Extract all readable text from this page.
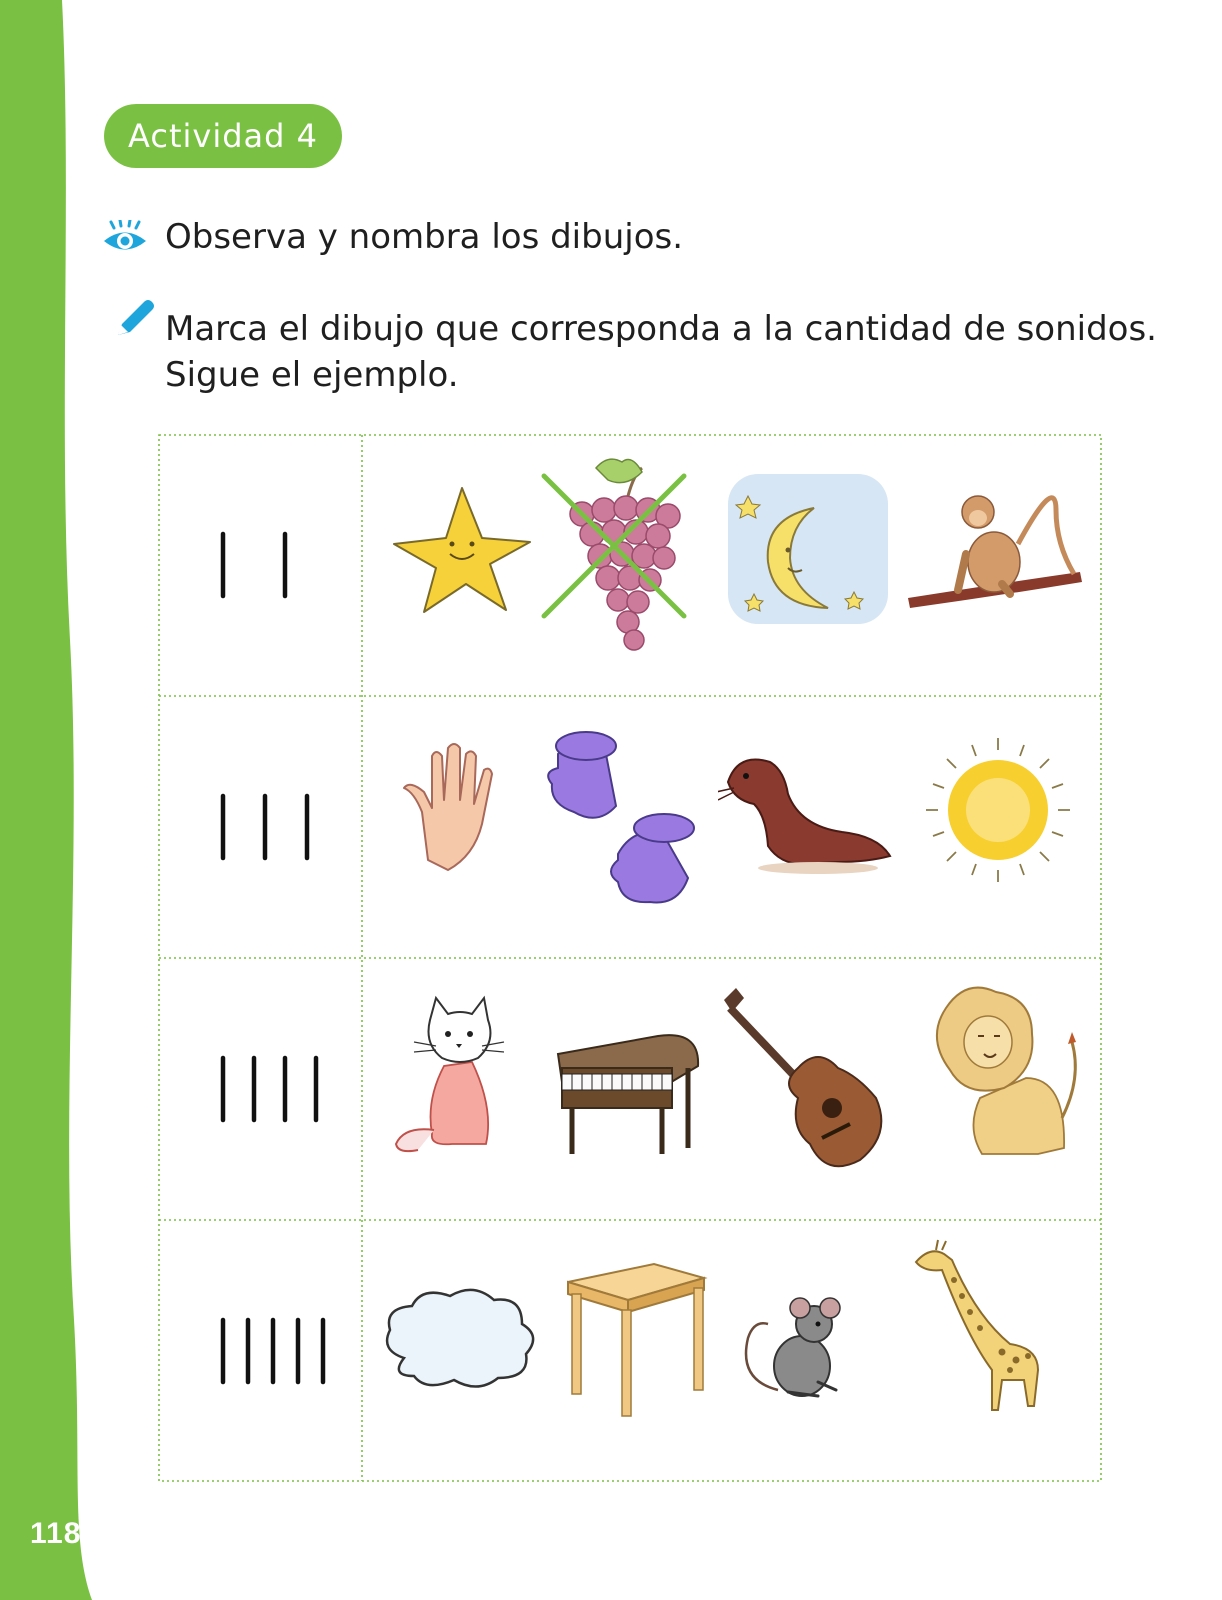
118
Actividad 4
Observa y nombra los dibujos.
Marca el dibujo que corresponda a la cantidad de sonidos.
Sigue el ejemplo.
